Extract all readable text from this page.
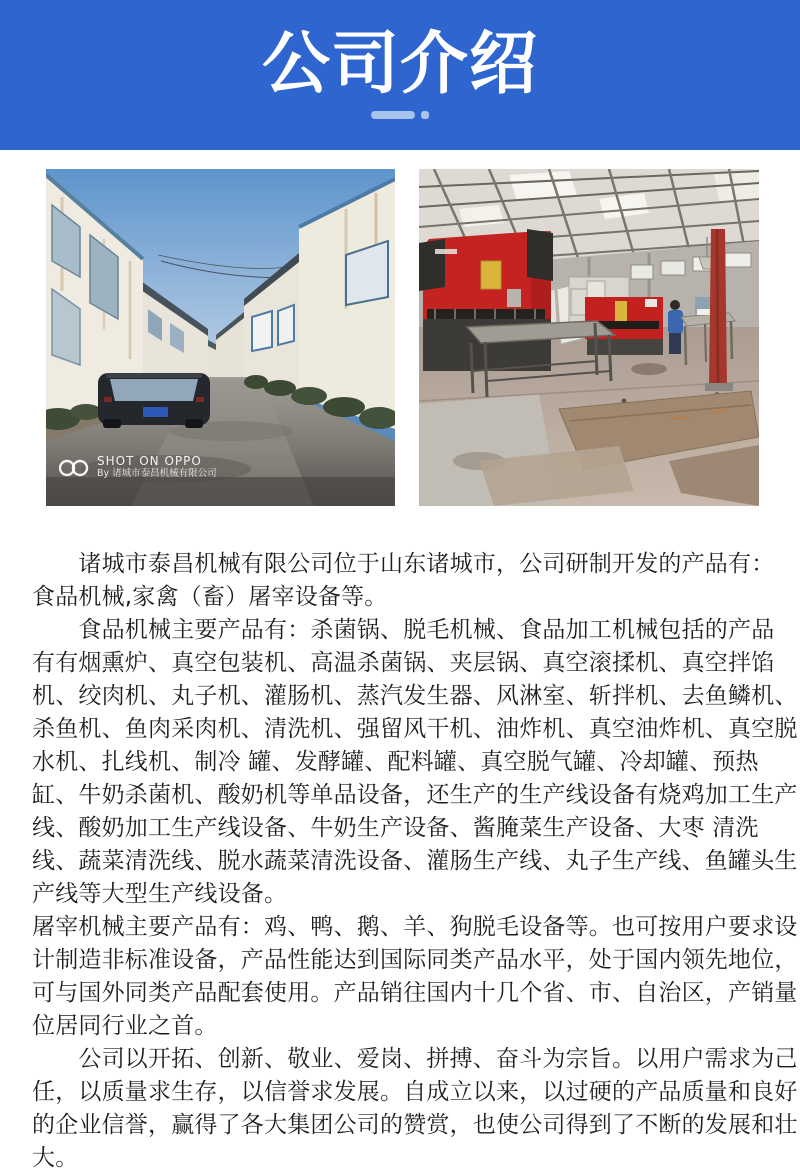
公司介绍
SHOT ON OPPO
By 诸城市泰昌机械有限公司
　　诸城市泰昌机械有限公司位于山东诸城市，公司研制开发的产品有：
食品机械,家禽（畜）屠宰设备等。
　　食品机械主要产品有：杀菌锅、脱毛机械、食品加工机械包括的产品
有有烟熏炉、真空包装机、高温杀菌锅、夹层锅、真空滚揉机、真空拌馅
机、绞肉机、丸子机、灌肠机、蒸汽发生器、风淋室、斩拌机、去鱼鳞机、
杀鱼机、鱼肉采肉机、清洗机、强留风干机、油炸机、真空油炸机、真空脱
水机、扎线机、制冷 罐、发酵罐、配料罐、真空脱气罐、冷却罐、预热
缸、牛奶杀菌机、酸奶机等单品设备，还生产的生产线设备有烧鸡加工生产
线、酸奶加工生产线设备、牛奶生产设备、酱腌菜生产设备、大枣 清洗
线、蔬菜清洗线、脱水蔬菜清洗设备、灌肠生产线、丸子生产线、鱼罐头生
产线等大型生产线设备。
屠宰机械主要产品有：鸡、鸭、鹅、羊、狗脱毛设备等。也可按用户要求设
计制造非标准设备，产品性能达到国际同类产品水平，处于国内领先地位，
可与国外同类产品配套使用。产品销往国内十几个省、市、自治区，产销量
位居同行业之首。
　　公司以开拓、创新、敬业、爱岗、拼搏、奋斗为宗旨。以用户需求为己
任，以质量求生存，以信誉求发展。自成立以来，以过硬的产品质量和良好
的企业信誉，赢得了各大集团公司的赞赏，也使公司得到了不断的发展和壮
大。
